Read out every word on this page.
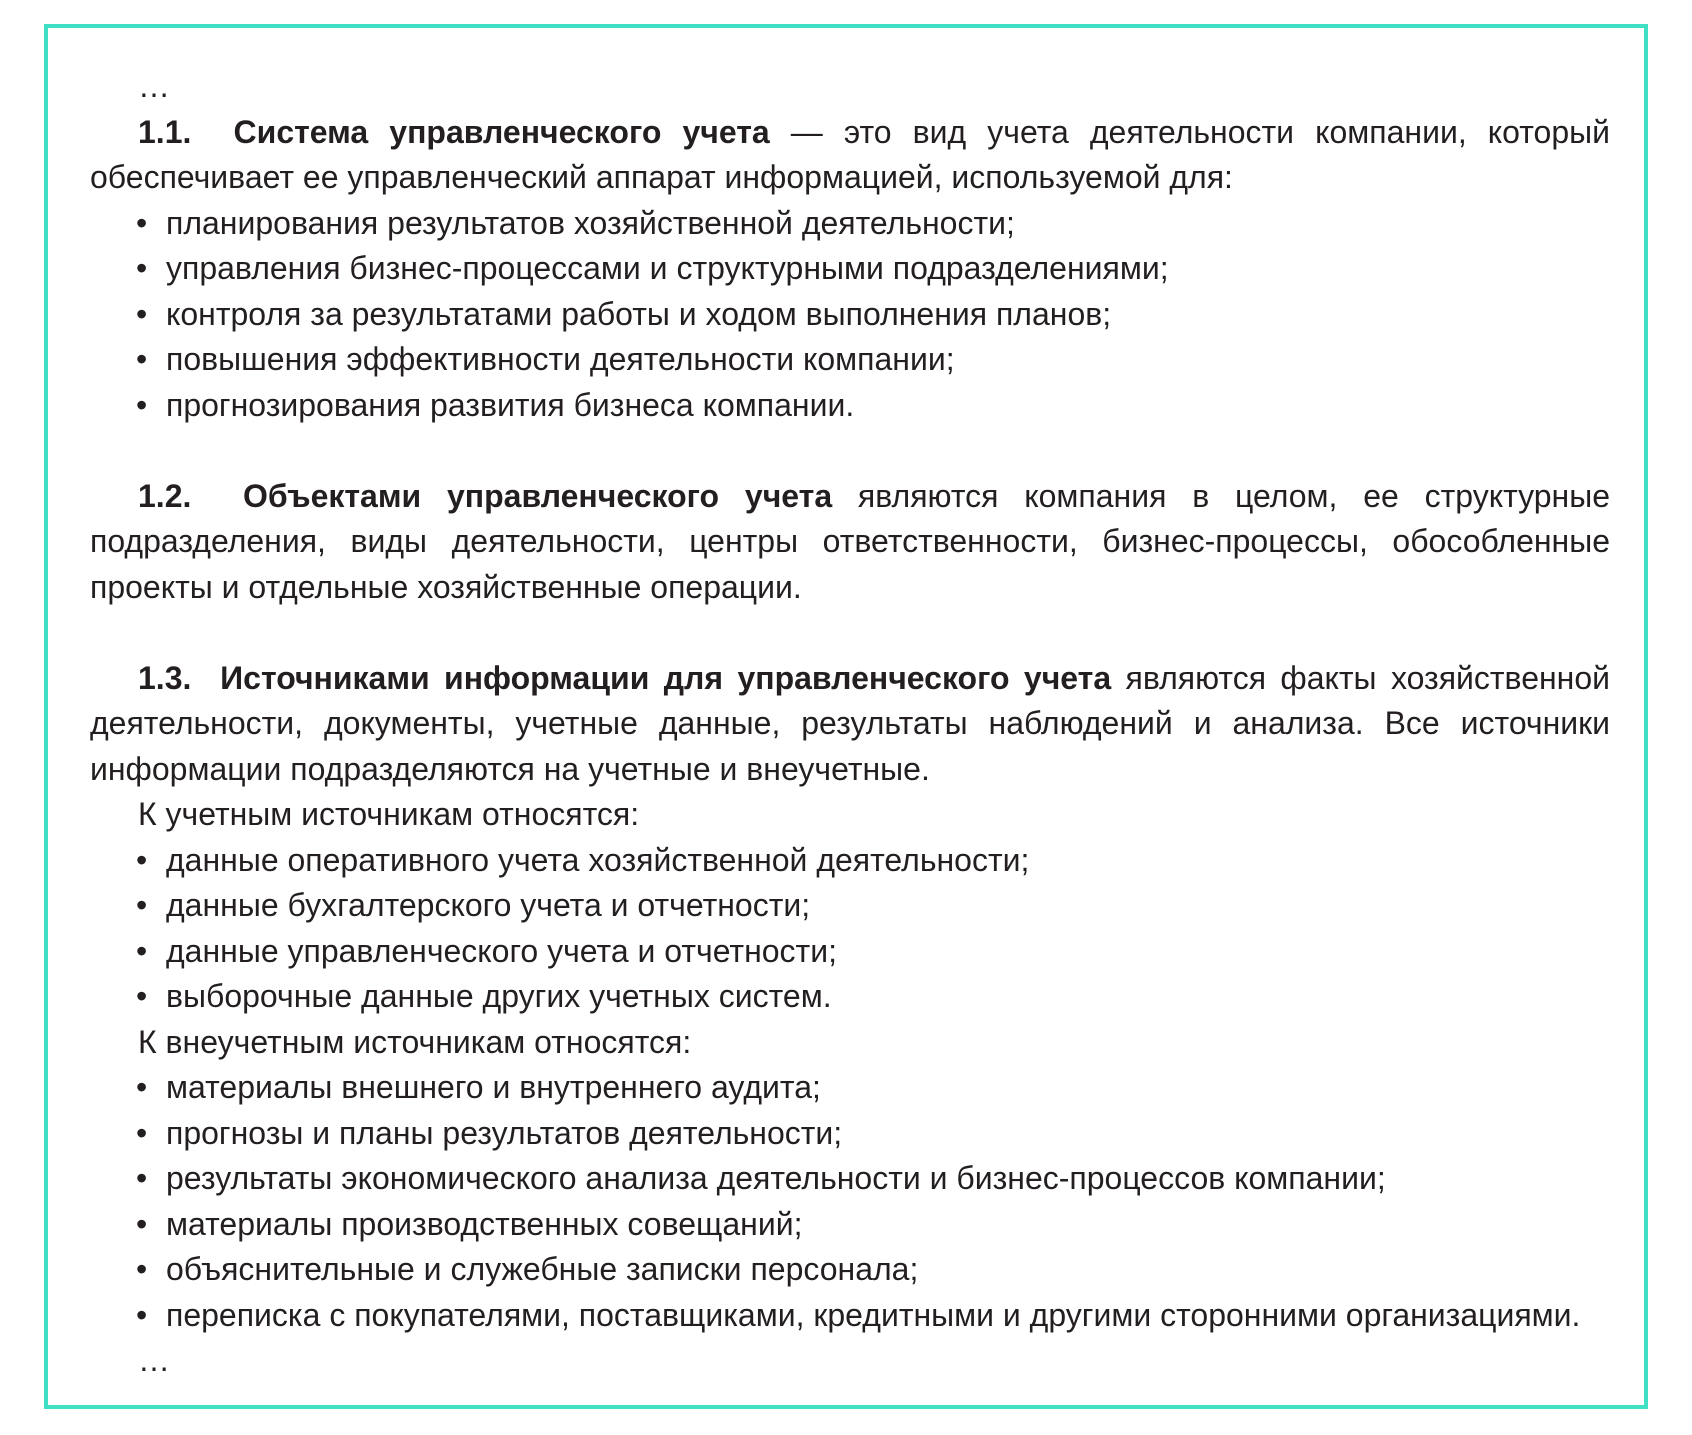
…

1.1. Система управленческого учета — это вид учета деятельности компании, который обеспечивает ее управленческий аппарат информацией, используемой для:

• планирования результатов хозяйственной деятельности;
• управления бизнес-процессами и структурными подразделениями;
• контроля за результатами работы и ходом выполнения планов;
• повышения эффективности деятельности компании;
• прогнозирования развития бизнеса компании.

1.2. Объектами управленческого учета являются компания в целом, ее структурные подразделения, виды деятельности, центры ответственности, бизнес-процессы, обособленные проекты и отдельные хозяйственные операции.

1.3. Источниками информации для управленческого учета являются факты хозяйственной деятельности, документы, учетные данные, результаты наблюдений и анализа. Все источники информации подразделяются на учетные и внеучетные.

К учетным источникам относятся:

• данные оперативного учета хозяйственной деятельности;
• данные бухгалтерского учета и отчетности;
• данные управленческого учета и отчетности;
• выборочные данные других учетных систем.

К внеучетным источникам относятся:

• материалы внешнего и внутреннего аудита;
• прогнозы и планы результатов деятельности;
• результаты экономического анализа деятельности и бизнес-процессов компании;
• материалы производственных совещаний;
• объяснительные и служебные записки персонала;
• переписка с покупателями, поставщиками, кредитными и другими сторонними организациями.

…
